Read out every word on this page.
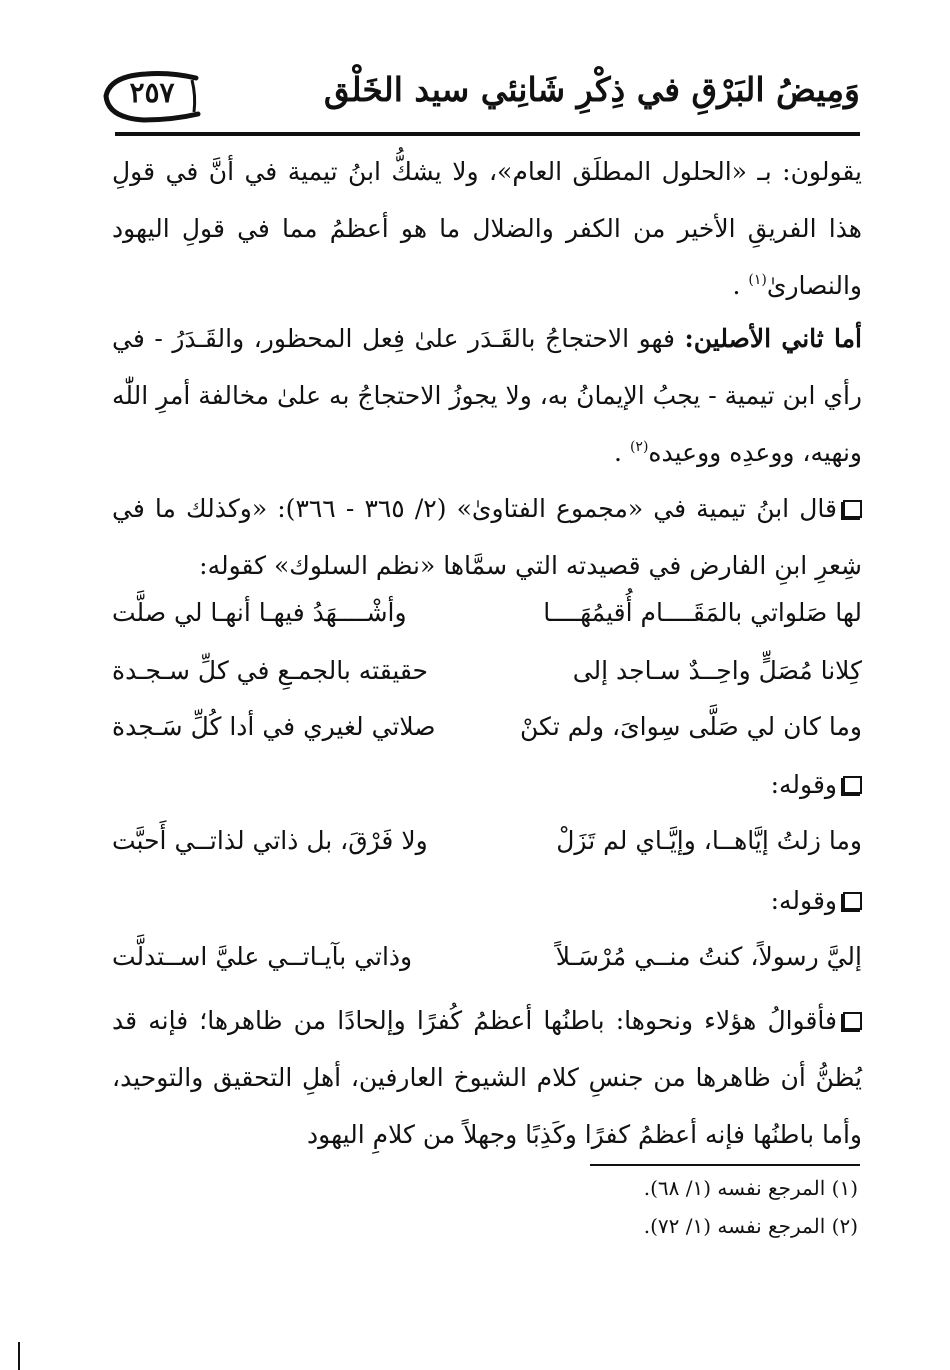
٢٥٧	وَمِيضُ البَرْقِ في ذِكْرِ شَانِئي سيد الخَلْق

يقولون: بـ «الحلول المطلَق العام»، ولا يشكُّ ابنُ تيمية في أنَّ في قولِ هذا الفريقِ الأخير من الكفر والضلال ما هو أعظمُ مما في قولِ اليهود والنصارىٰ$^{(١)}$ .

أما ثاني الأصلين: فهو الاحتجاجُ بالقَـدَر علىٰ فِعل المحظور، والقَـدَرُ - في رأي ابن تيمية - يجبُ الإيمانُ به، ولا يجوزُ الاحتجاجُ به علىٰ مخالفة أمرِ اللّٰه ونهيه، ووعدِه ووعيده$^{(٢)}$ .

قال ابنُ تيمية في «مجموع الفتاوىٰ» (٢/ ٣٦٥ - ٣٦٦): «وكذلك ما في شِعرِ ابنِ الفارض في قصيدته التي سمَّاها «نظم السلوك» كقوله:

لها صَلواتي بالمَقَــــام أُقيمُهَــــا
وأشْــــهَدُ فيهـا أنهـا لي صلَّت
كِلانا مُصَلٍّ واحِــدٌ سـاجد إلى
حقيقته بالجمـعِ في كلِّ سـجـدة
وما كان لي صَلَّى سِواىَ، ولم تكنْ
صلاتي لغيري في أدا كُلِّ سَـجدة
وقوله:
وما زلتُ إيَّاهــا، وإيَّـاي لم تَزَلْ
ولا فَرْقَ، بل ذاتي لذاتــي أَحبَّت
وقوله:
إليَّ رسولاً، كنتُ منــي مُرْسَـلاً
وذاتي بآيـاتــي عليَّ اســتدلَّت

فأقوالُ هؤلاء ونحوها: باطنُها أعظمُ كُفرًا وإلحادًا من ظاهرها؛ فإنه قد يُظنُّ أن ظاهرها من جنسِ كلام الشيوخ العارفين، أهلِ التحقيق والتوحيد، وأما باطنُها فإنه أعظمُ كفرًا وكَذِبًا وجهلاً من كلامِ اليهود

(١) المرجع نفسه (١/ ٦٨).
(٢) المرجع نفسه (١/ ٧٢).
